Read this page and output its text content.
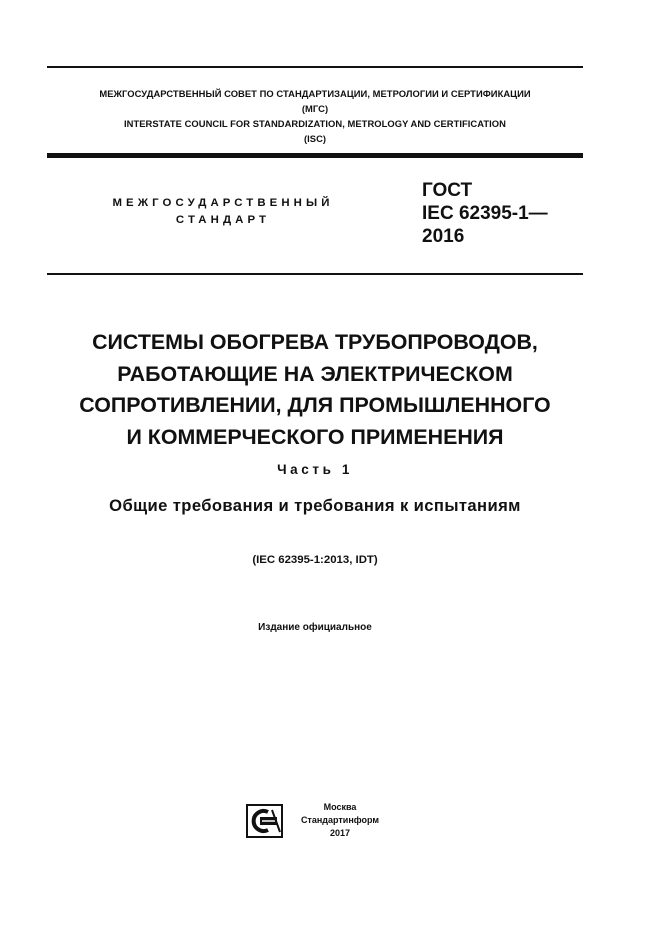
МЕЖГОСУДАРСТВЕННЫЙ СОВЕТ ПО СТАНДАРТИЗАЦИИ, МЕТРОЛОГИИ И СЕРТИФИКАЦИИ
(МГС)
INTERSTATE COUNCIL FOR STANDARDIZATION, METROLOGY AND CERTIFICATION
(ISC)
МЕЖГОСУДАРСТВЕННЫЙ
СТАНДАРТ
ГОСТ
IEC 62395-1—
2016
СИСТЕМЫ ОБОГРЕВА ТРУБОПРОВОДОВ,
РАБОТАЮЩИЕ НА ЭЛЕКТРИЧЕСКОМ
СОПРОТИВЛЕНИИ, ДЛЯ ПРОМЫШЛЕННОГО
И КОММЕРЧЕСКОГО ПРИМЕНЕНИЯ
Часть 1
Общие требования и требования к испытаниям
(IEC 62395-1:2013, IDT)
Издание официальное
Москва
Стандартинформ
2017
